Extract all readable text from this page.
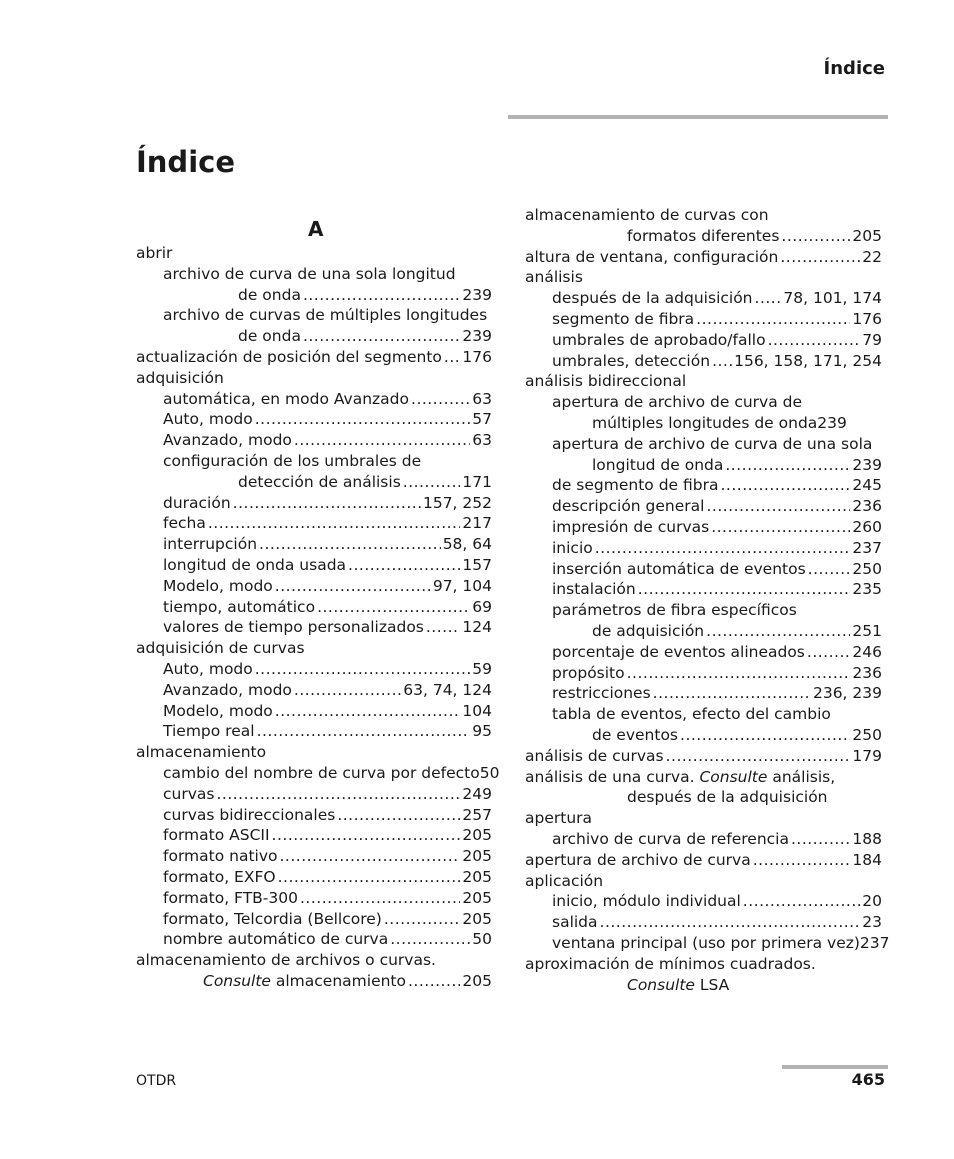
Índice
Índice
A
abrir
archivo de curva de una sola longitud
de onda .....	239
archivo de curvas de múltiples longitudes
de onda .....	239
actualización de posición del segmento ..... 176
adquisición
automática, en modo Avanzado .....	63
Auto, modo .....	57
Avanzado, modo .....	63
configuración de los umbrales de
detección de análisis .....	171
duración .....	157, 252
fecha .....	217
interrupción .....	58, 64
longitud de onda usada .....	157
Modelo, modo .....	97, 104
tiempo, automático .....	69
valores de tiempo personalizados ..... 124
adquisición de curvas
Auto, modo .....	59
Avanzado, modo .....	63, 74, 124
Modelo, modo .....	104
Tiempo real .....	95
almacenamiento
cambio del nombre de curva por defecto50
curvas .....	249
curvas bidireccionales .....	257
formato ASCII .....	205
formato nativo .....	205
formato, EXFO .....	205
formato, FTB-300 .....	205
formato, Telcordia (Bellcore) .....	205
nombre automático de curva .....	50
almacenamiento de archivos o curvas.
Consulte almacenamiento .....	205
almacenamiento de curvas con
formatos diferentes .....	205
altura de ventana, configuración .....	22
análisis
después de la adquisición ..... 78, 101, 174
segmento de fibra .....	176
umbrales de aprobado/fallo .....	79
umbrales, detección ..... 156, 158, 171, 254
análisis bidireccional
apertura de archivo de curva de
múltiples longitudes de onda239
apertura de archivo de curva de una sola
longitud de onda .....	239
de segmento de fibra .....	245
descripción general .....	236
impresión de curvas .....	260
inicio .....	237
inserción automática de eventos .....	250
instalación .....	235
parámetros de fibra específicos
de adquisición .....	251
porcentaje de eventos alineados .....	246
propósito .....	236
restricciones .....	236, 239
tabla de eventos, efecto del cambio
de eventos .....	250
análisis de curvas .....	179
análisis de una curva. Consulte análisis,
después de la adquisición
apertura
archivo de curva de referencia .....	188
apertura de archivo de curva .....	184
aplicación
inicio, módulo individual .....	20
salida .....	23
ventana principal (uso por primera vez)237
aproximación de mínimos cuadrados.
Consulte LSA
OTDR	465
